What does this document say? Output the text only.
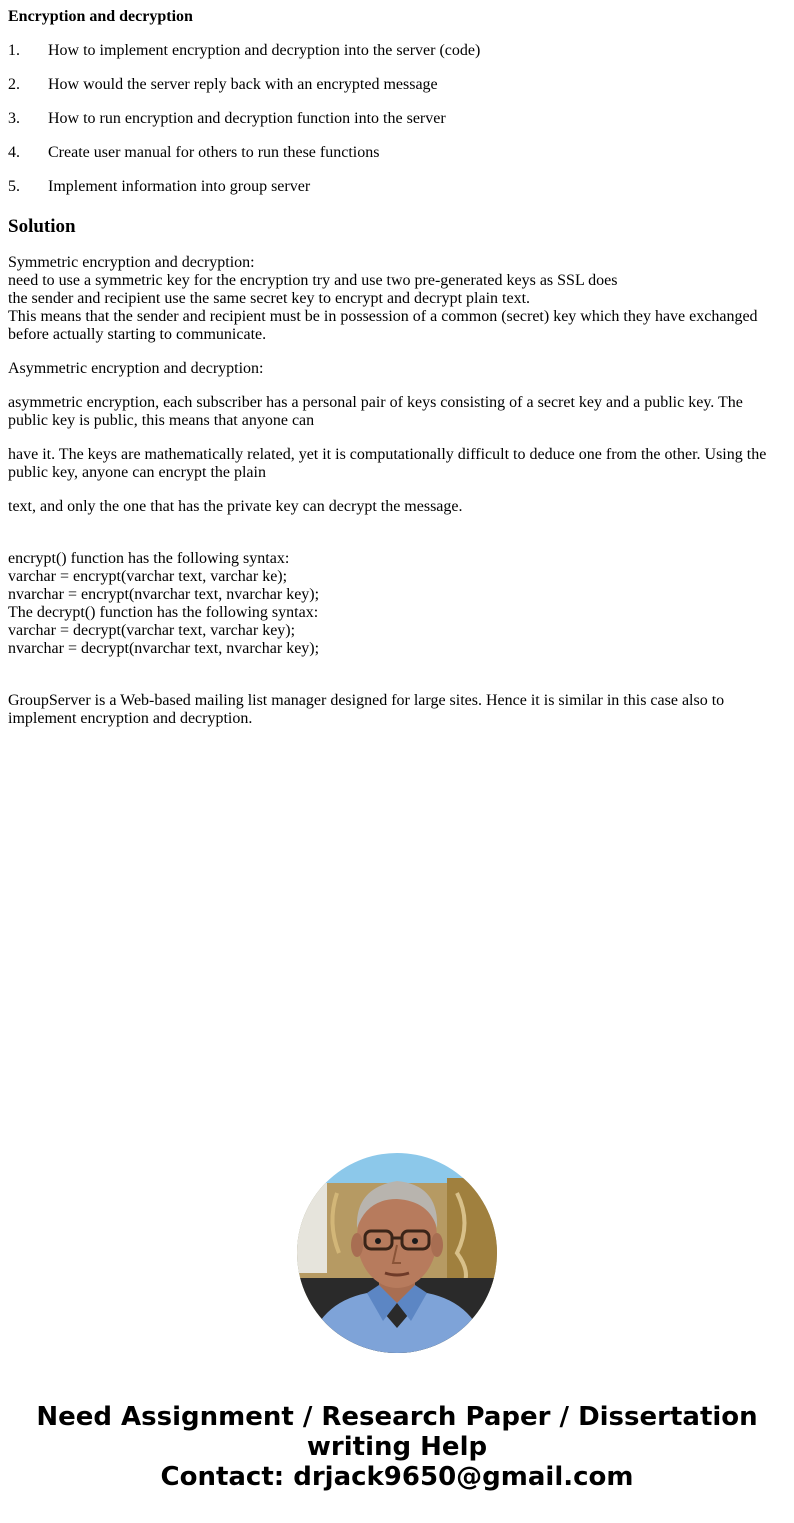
Encryption and decryption
1.	How to implement encryption and decryption into the server (code)
2.	How would the server reply back with an encrypted message
3.	How to run encryption and decryption function into the server
4.	Create user manual for others to run these functions
5.	Implement information into group server
Solution
Symmetric encryption and decryption:
need to use a symmetric key for the encryption try and use two pre-generated keys as SSL does
the sender and recipient use the same secret key to encrypt and decrypt plain text.
This means that the sender and recipient must be in possession of a common (secret) key which they have exchanged before actually starting to communicate.
Asymmetric encryption and decryption:
asymmetric encryption, each subscriber has a personal pair of keys consisting of a secret key and a public key. The public key is public, this means that anyone can
have it. The keys are mathematically related, yet it is computationally difficult to deduce one from the other. Using the public key, anyone can encrypt the plain
text, and only the one that has the private key can decrypt the message.
encrypt() function has the following syntax:
varchar = encrypt(varchar text, varchar ke);
nvarchar = encrypt(nvarchar text, nvarchar key);
The decrypt() function has the following syntax:
varchar = decrypt(varchar text, varchar key);
nvarchar = decrypt(nvarchar text, nvarchar key);
GroupServer is a Web-based mailing list manager designed for large sites. Hence it is similar in this case also to implement encryption and decryption.
Need Assignment / Research Paper / Dissertation
writing Help
Contact: drjack9650@gmail.com
